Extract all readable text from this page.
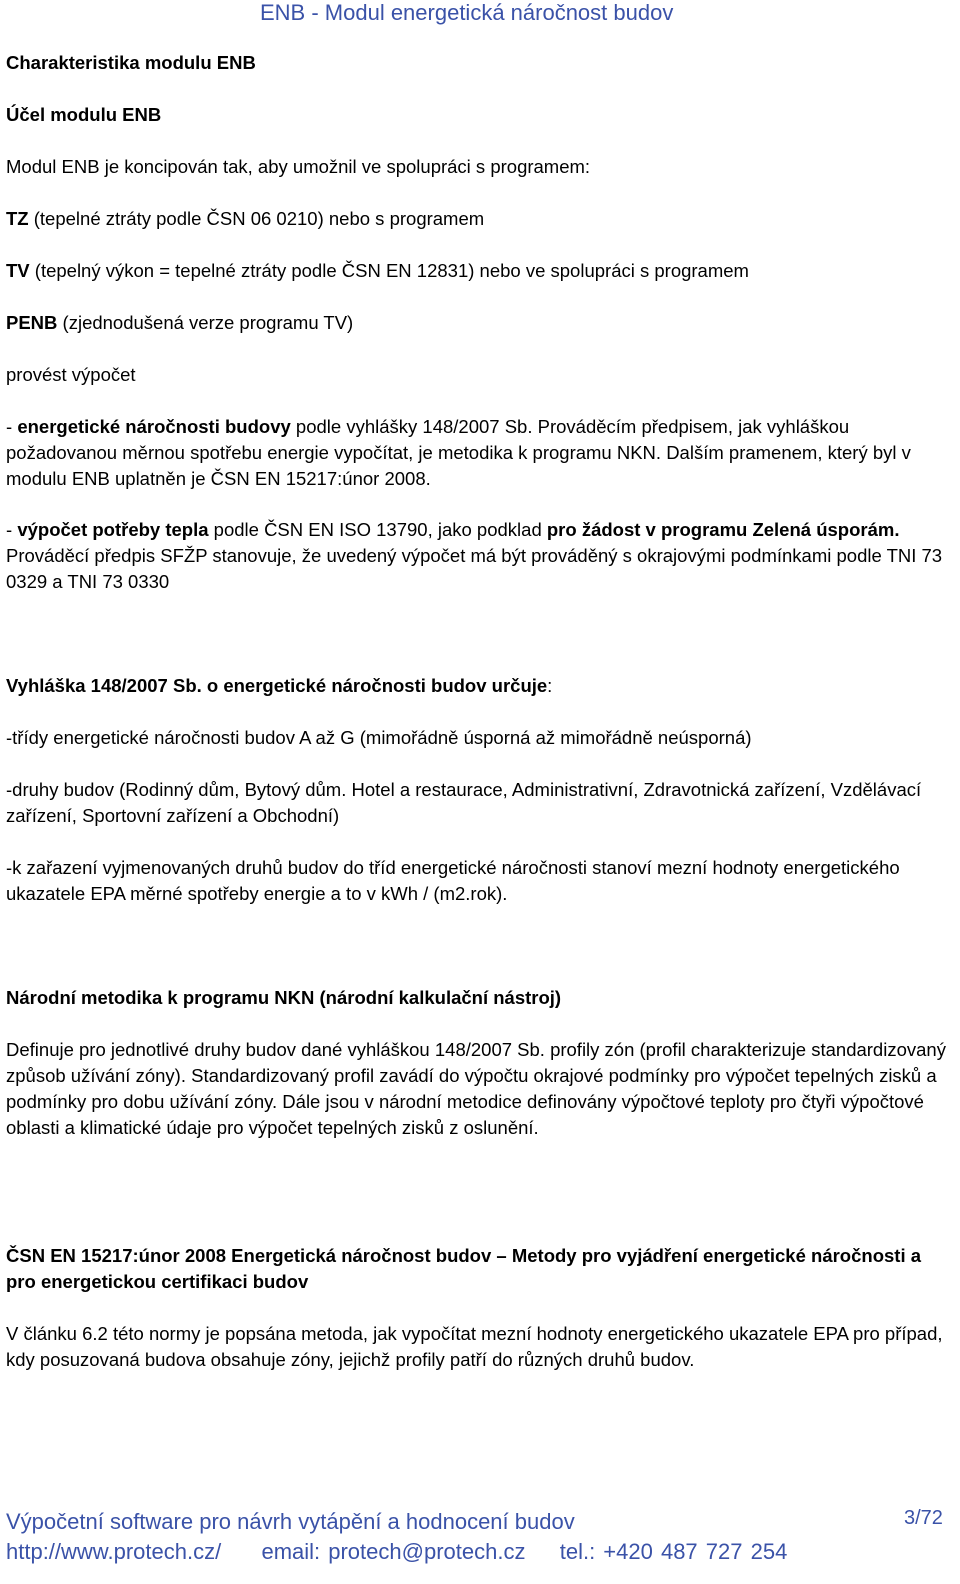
ENB - Modul energetická náročnost budov
Charakteristika modulu ENB
Účel modulu ENB
Modul ENB je koncipován tak, aby umožnil ve spolupráci s programem:
TZ (tepelné ztráty podle ČSN 06 0210) nebo s programem
TV (tepelný výkon = tepelné ztráty podle ČSN EN 12831) nebo ve spolupráci s programem
PENB (zjednodušená verze programu TV)
provést výpočet
- energetické náročnosti budovy podle vyhlášky 148/2007 Sb. Prováděcím předpisem, jak vyhláškou požadovanou měrnou spotřebu energie vypočítat, je metodika k programu NKN. Dalším pramenem, který byl v modulu ENB uplatněn je ČSN EN 15217:únor 2008.
- výpočet potřeby tepla podle ČSN EN ISO 13790, jako podklad pro žádost v programu Zelená úsporám. Prováděcí předpis SFŽP stanovuje, že uvedený výpočet má být prováděný s okrajovými podmínkami podle TNI 73 0329 a TNI 73 0330
Vyhláška 148/2007 Sb. o energetické náročnosti budov určuje:
-třídy energetické náročnosti budov A až G (mimořádně úsporná až mimořádně neúsporná)
-druhy budov (Rodinný dům, Bytový dům. Hotel a restaurace, Administrativní, Zdravotnická zařízení, Vzdělávací zařízení, Sportovní zařízení a Obchodní)
-k zařazení vyjmenovaných druhů budov do tříd energetické náročnosti stanoví mezní hodnoty energetického ukazatele EPA měrné spotřeby energie a to v kWh / (m2.rok).
Národní metodika k programu NKN (národní kalkulační nástroj)
Definuje pro jednotlivé druhy budov dané vyhláškou 148/2007 Sb. profily zón (profil charakterizuje standardizovaný způsob užívání zóny). Standardizovaný profil zavádí do výpočtu okrajové podmínky pro výpočet tepelných zisků a podmínky pro dobu užívání zóny. Dále jsou v národní metodice definovány výpočtové teploty pro čtyři výpočtové oblasti a klimatické údaje pro výpočet tepelných zisků z oslunění.
ČSN EN 15217:únor 2008 Energetická náročnost budov – Metody pro vyjádření energetické náročnosti a pro energetickou certifikaci budov
V článku 6.2 této normy je popsána metoda, jak vypočítat mezní hodnoty energetického ukazatele EPA pro případ, kdy posuzovaná budova obsahuje zóny, jejichž profily patří do různých druhů budov.
Výpočetní software pro návrh vytápění a hodnocení budov	3/72
http://www.protech.cz/ email: protech@protech.cz tel.: +420 487 727 254
